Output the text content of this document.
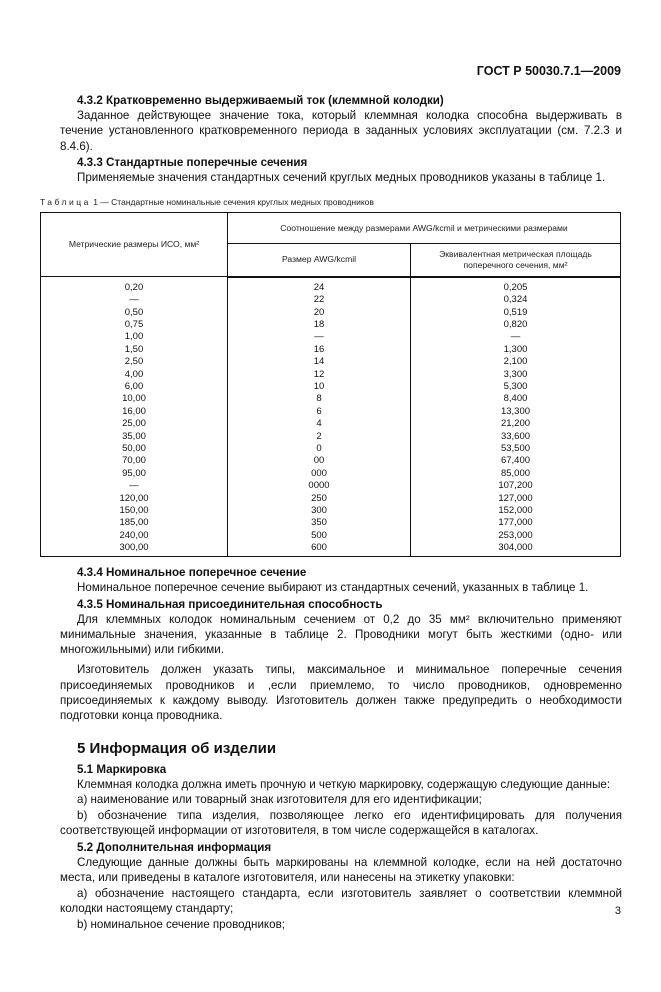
ГОСТ Р 50030.7.1—2009
4.3.2 Кратковременно выдерживаемый ток (клеммной колодки)
Заданное действующее значение тока, который клеммная колодка способна выдерживать в течение установленного кратковременного периода в заданных условиях эксплуатации (см. 7.2.3 и 8.4.6).
4.3.3 Стандартные поперечные сечения
Применяемые значения стандартных сечений круглых медных проводников указаны в таблице 1.
Таблица 1 — Стандартные номинальные сечения круглых медных проводников
Метрические размеры ИСО, мм²	Соотношение между размерами AWG/kcmil и метрическими размерами	
	Размер AWG/kcmil	Эквивалентная метрическая площадь поперечного сечения, мм²
0,20	24	0,205
—	22	0,324
0,50	20	0,519
0,75	18	0,820
1,00	—	—
1,50	16	1,300
2,50	14	2,100
4,00	12	3,300
6,00	10	5,300
10,00	8	8,400
16,00	6	13,300
25,00	4	21,200
35,00	2	33,600
50,00	0	53,500
70,00	00	67,400
95,00	000	85,000
—	0000	107,200
120,00	250	127,000
150,00	300	152,000
185,00	350	177,000
240,00	500	253,000
300,00	600	304,000
4.3.4 Номинальное поперечное сечение
Номинальное поперечное сечение выбирают из стандартных сечений, указанных в таблице 1.
4.3.5 Номинальная присоединительная способность
Для клеммных колодок номинальным сечением от 0,2 до 35 мм² включительно применяют минимальные значения, указанные в таблице 2. Проводники могут быть жесткими (одно- или многожильными) или гибкими.
Изготовитель должен указать типы, максимальное и минимальное поперечные сечения присоединяемых проводников и ,если приемлемо, то число проводников, одновременно присоединяемых к каждому выводу. Изготовитель должен также предупредить о необходимости подготовки конца проводника.
5 Информация об изделии
5.1 Маркировка
Клеммная колодка должна иметь прочную и четкую маркировку, содержащую следующие данные:
a) наименование или товарный знак изготовителя для его идентификации;
b) обозначение типа изделия, позволяющее легко его идентифицировать для получения соответствующей информации от изготовителя, в том числе содержащейся в каталогах.
5.2 Дополнительная информация
Следующие данные должны быть маркированы на клеммной колодке, если на ней достаточно места, или приведены в каталоге изготовителя, или нанесены на этикетку упаковки:
a) обозначение настоящего стандарта, если изготовитель заявляет о соответствии клеммной колодки настоящему стандарту;
b) номинальное сечение проводников;
3
